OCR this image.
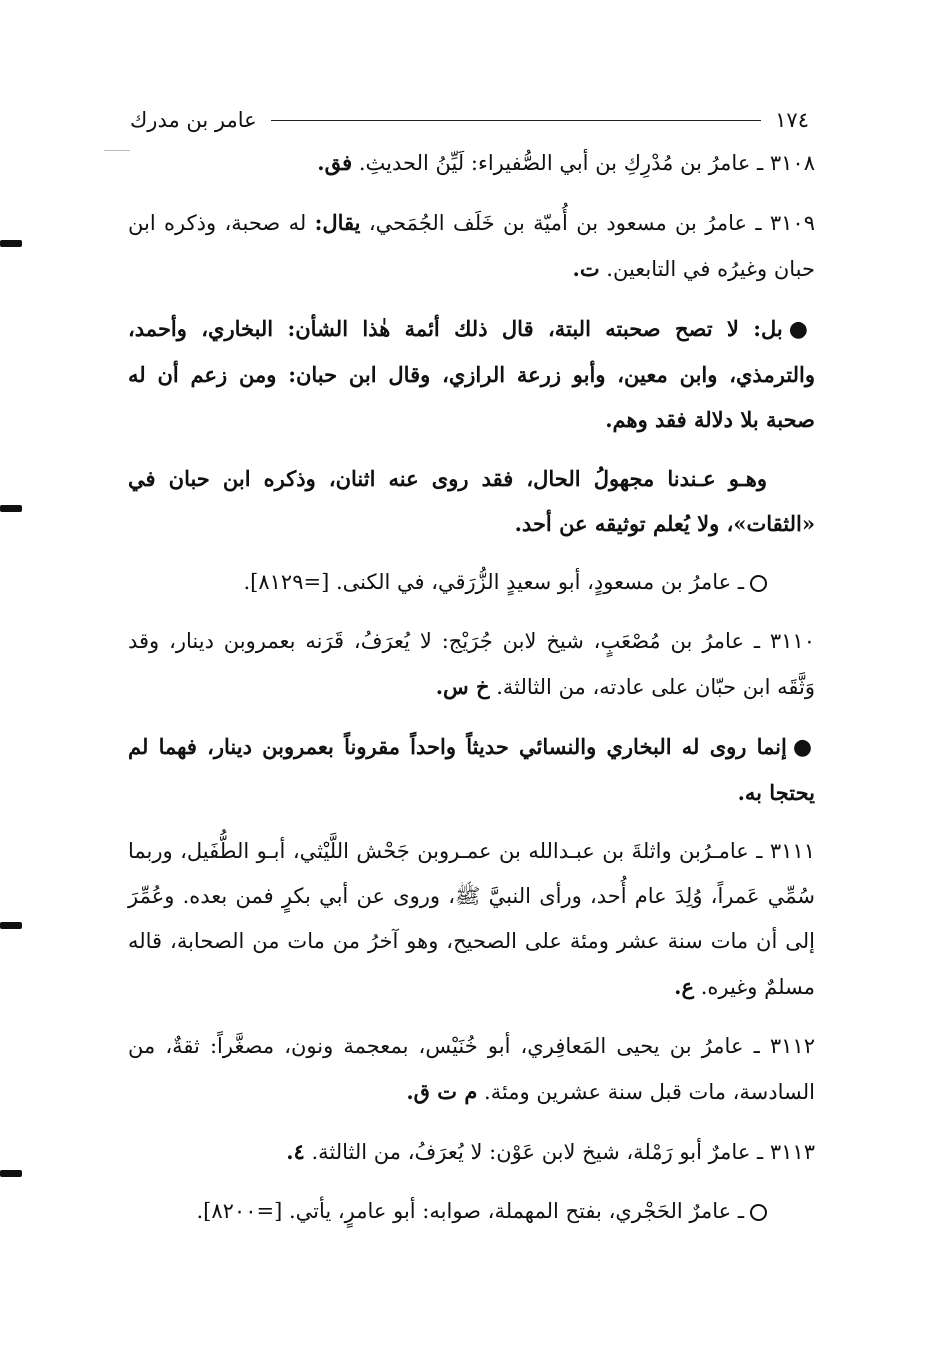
عامر بن مدرك	١٧٤

٣١٠٨ ـ عامرُ بن مُدْرِكِ بن أبي الصُّفيراء: لَيِّنُ الحديثِ. فق.

٣١٠٩ ـ عامرُ بن مسعود بن أُميّة بن خَلَف الجُمَحي، يقال: له صحبة، وذكره ابن حبان وغيرُه في التابعين. ت.

●بل: لا تصح صحبته البتة، قال ذلك أئمة هٰذا الشأن: البخاري، وأحمد، والترمذي، وابن معين، وأبو زرعة الرازي، وقال ابن حبان: ومن زعم أن له صحبة بلا دلالة فقد وهم.

وهـو عـندنا مجهولُ الحال، فقد روى عنه اثنان، وذكره ابن حبان في «الثقات»، ولا يُعلم توثيقه عن أحد.

ـ عامرُ بن مسعودٍ، أبو سعيدٍ الزُّرَقي، في الكنى. [=٨١٢٩].

٣١١٠ ـ عامرُ بن مُصْعَبٍ، شيخ لابن جُرَيْج: لا يُعرَفُ، قَرَنه بعمروبن دينار، وقد وَثَّقَه ابن حبّان على عادته، من الثالثة. خ س.

●إنما روى له البخاري والنسائي حديثاً واحداً مقروناً بعمروبن دينار، فهما لم يحتجا به.

٣١١١ ـ عامـرُبن واثلةَ بن عبـدالله بن عمـروبن جَحْش اللَّيْثي، أبـو الطُّفَيل، وربما سُمِّي عَمراً، وُلِدَ عام أُحد، ورأى النبيَّ ﷺ، وروى عن أبي بكرٍ فمن بعده. وعُمِّرَ إلى أن مات سنة عشر ومئة على الصحيح، وهو آخرُ من مات من الصحابة، قاله مسلمٌ وغيره. ع.

٣١١٢ ـ عامرُ بن يحيى المَعافِري، أبو خُنَيْس، بمعجمة ونون، مصغَّراً: ثقةٌ، من السادسة، مات قبل سنة عشرين ومئة. م ت ق.

٣١١٣ ـ عامرٌ أبو رَمْلة، شيخ لابن عَوْن: لا يُعرَفُ، من الثالثة. ٤.

ـ عامرٌ الحَجْري، بفتح المهملة، صوابه: أبو عامرٍ، يأتي. [=٨٢٠٠].
